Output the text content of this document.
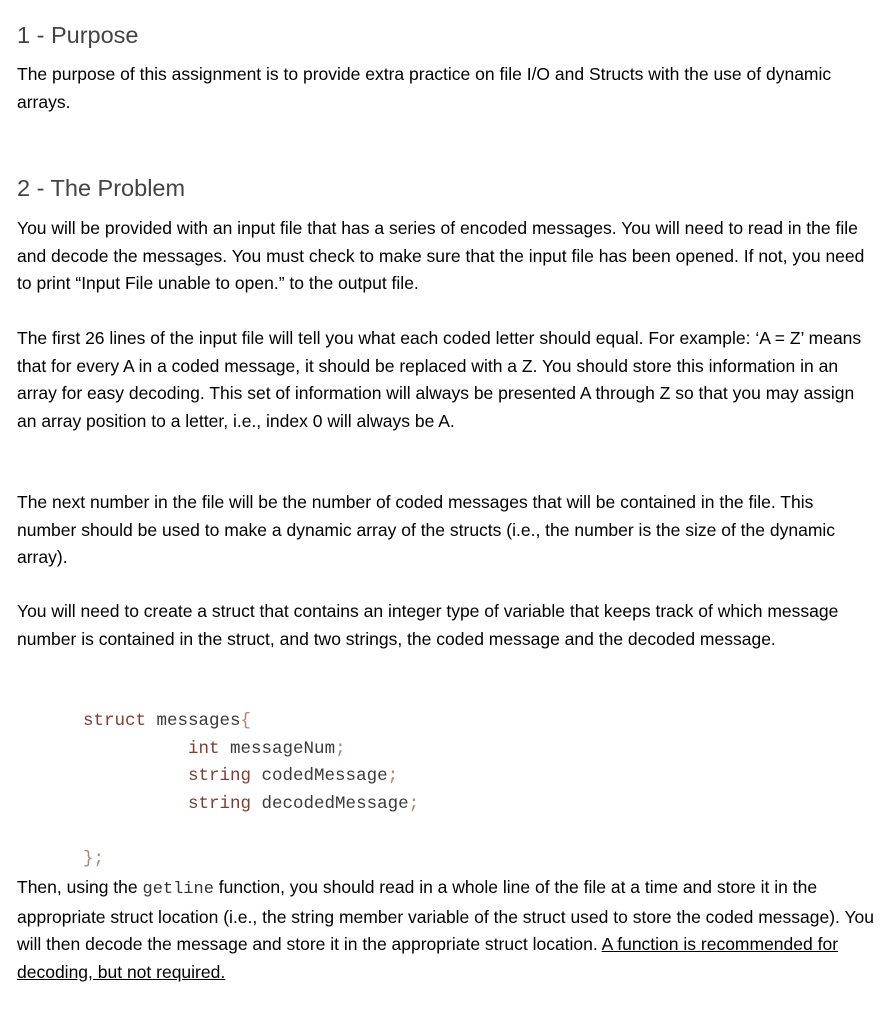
1 - Purpose

The purpose of this assignment is to provide extra practice on file I/O and Structs with the use of dynamic arrays.

2 - The Problem

You will be provided with an input file that has a series of encoded messages. You will need to read in the file and decode the messages. You must check to make sure that the input file has been opened. If not, you need to print “Input File unable to open.” to the output file.

The first 26 lines of the input file will tell you what each coded letter should equal. For example: ‘A = Z’ means that for every A in a coded message, it should be replaced with a Z. You should store this information in an array for easy decoding. This set of information will always be presented A through Z so that you may assign an array position to a letter, i.e., index 0 will always be A.

The next number in the file will be the number of coded messages that will be contained in the file. This number should be used to make a dynamic array of the structs (i.e., the number is the size of the dynamic array).

You will need to create a struct that contains an integer type of variable that keeps track of which message number is contained in the struct, and two strings, the coded message and the decoded message.

struct messages{
int messageNum;
string codedMessage;
string decodedMessage;

};

Then, using the getline function, you should read in a whole line of the file at a time and store it in the appropriate struct location (i.e., the string member variable of the struct used to store the coded message). You will then decode the message and store it in the appropriate struct location. A function is recommended for decoding, but not required.
